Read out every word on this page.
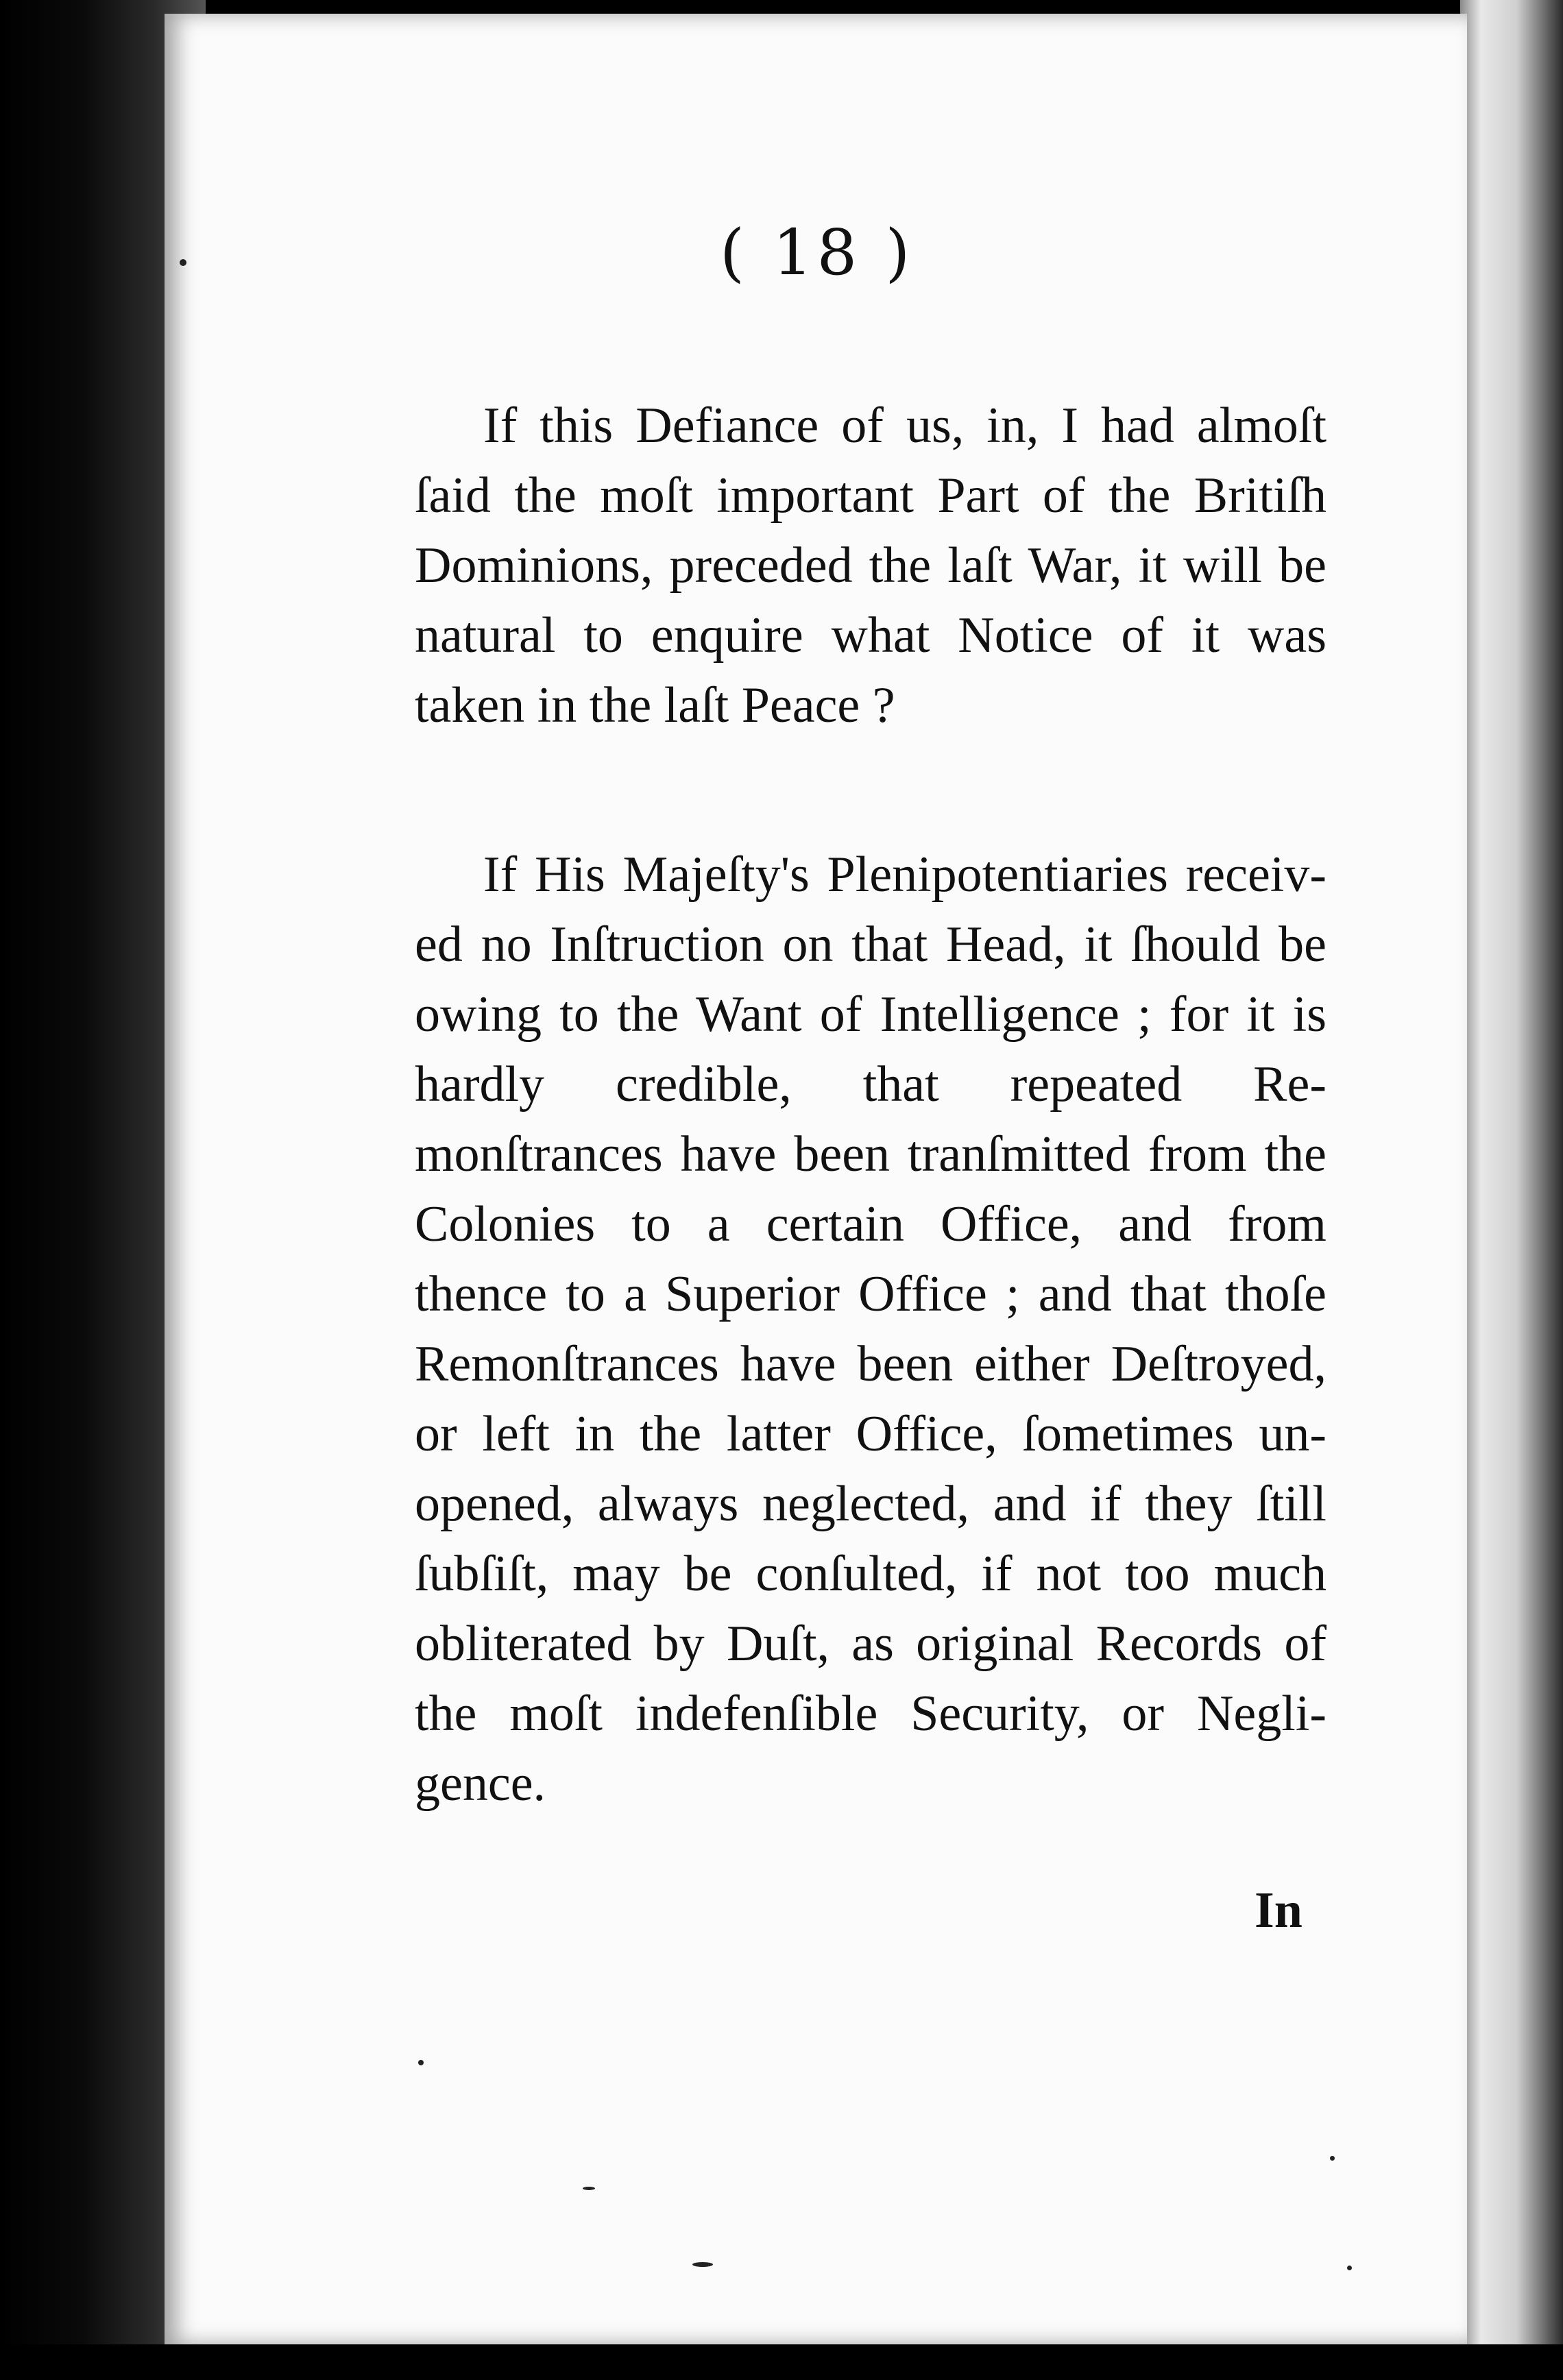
( 18 )

If this Defiance of us, in, I had almoſt ſaid the moſt important Part of the Britiſh Dominions, preceded the laſt War, it will be natural to enquire what Notice of it was taken in the laſt Peace ?

If His Majeſty's Plenipotentiaries receiv-ed no Inſtruction on that Head, it ſhould be owing to the Want of Intelligence ; for it is hardly credible, that repeated Re-monſtrances have been tranſmitted from the Colonies to a certain Office, and from thence to a Superior Office ; and that thoſe Remonſtrances have been either Deſtroyed, or left in the latter Office, ſometimes un-opened, always neglected, and if they ſtill ſubſiſt, may be conſulted, if not too much obliterated by Duſt, as original Records of the moſt indefenſible Security, or Negli-gence.

In
